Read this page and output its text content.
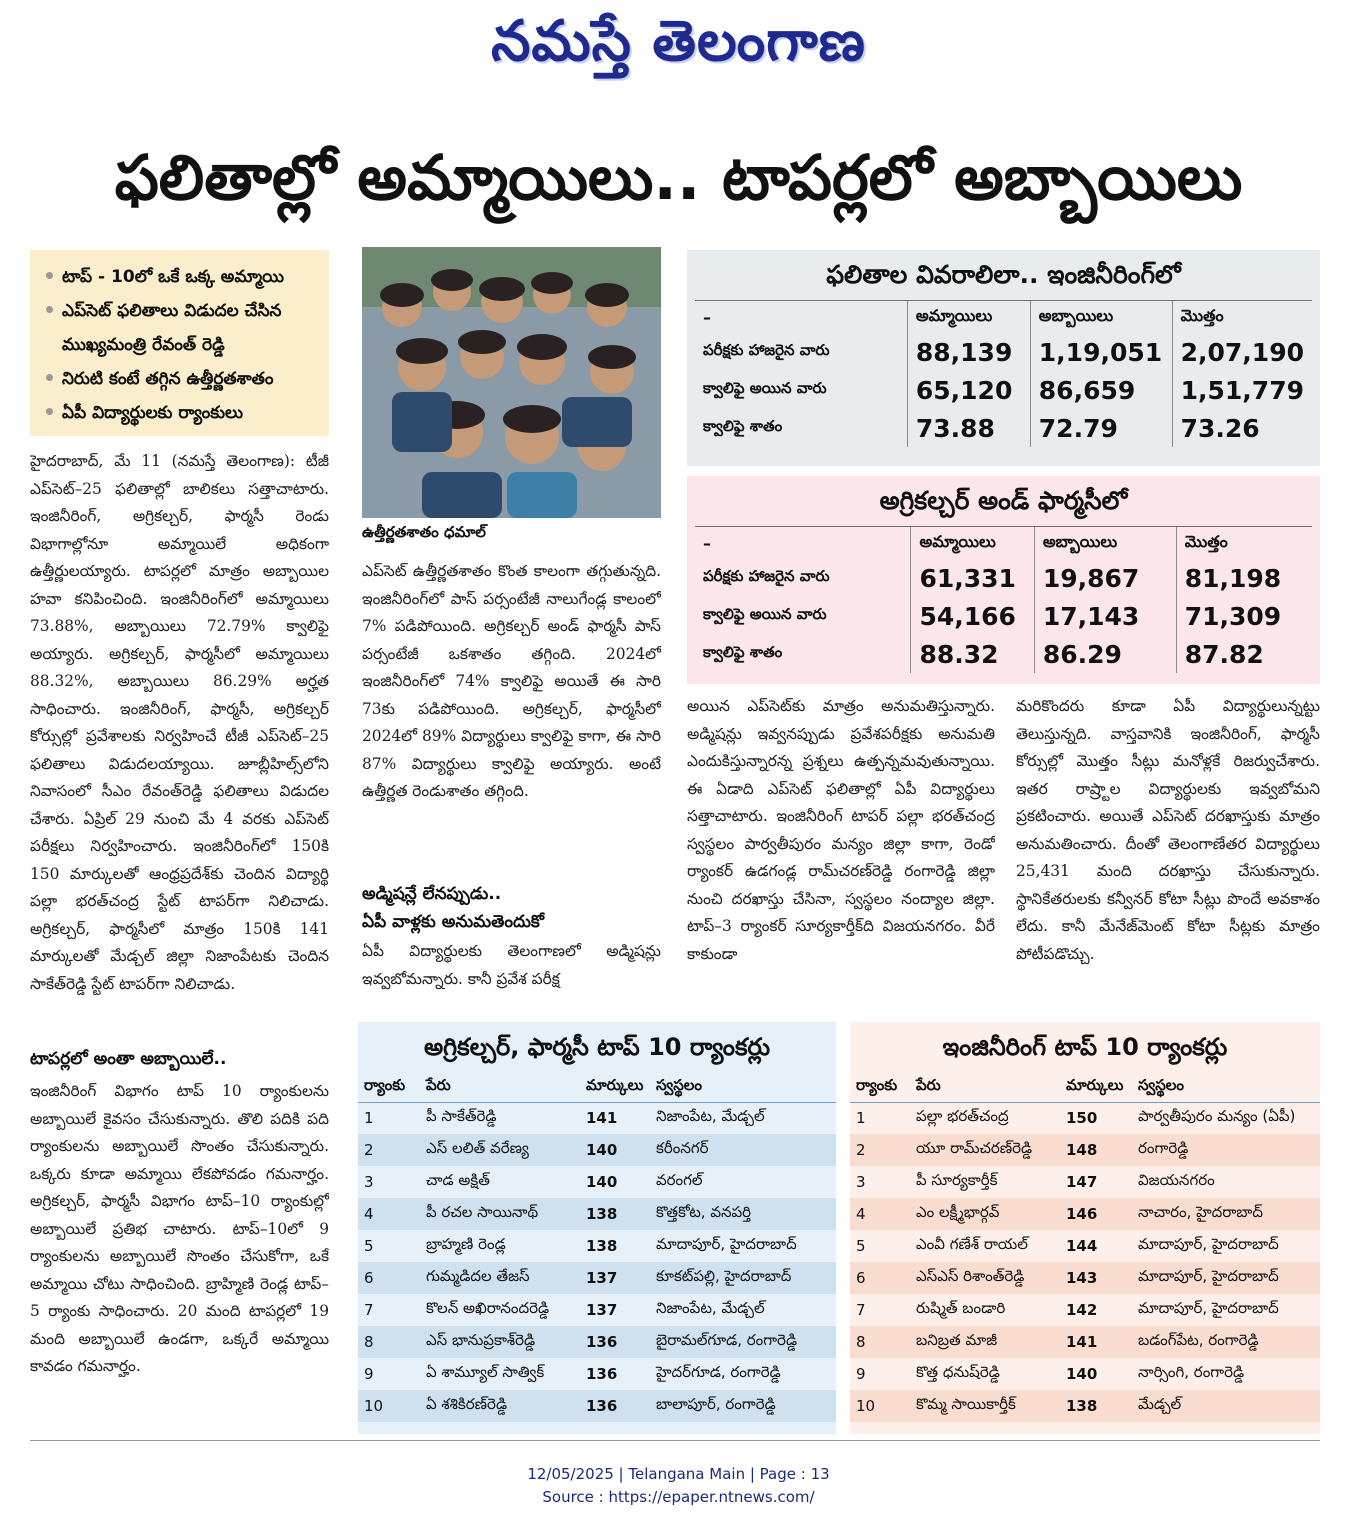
నమస్తే తెలంగాణ
ఫలితాల్లో అమ్మాయిలు.. టాపర్లలో అబ్బాయిలు
టాప్ - 10లో ఒకే ఒక్క అమ్మాయి
ఎప్‌సెట్ ఫలితాలు విడుదల చేసిన
ముఖ్యమంత్రి రేవంత్ రెడ్డి
నిరుటి కంటే తగ్గిన ఉత్తీర్ణతశాతం
ఏపీ విద్యార్థులకు ర్యాంకులు

హైదరాబాద్, మే 11 (నమస్తే తెలంగాణ): టీజీ ఎప్‌సెట్–25 ఫలితాల్లో బాలికలు సత్తాచాటారు. ఇంజినీరింగ్, అగ్రికల్చర్, ఫార్మసీ రెండు విభాగాల్లోనూ అమ్మాయిలే అధికంగా ఉత్తీర్ణులయ్యారు. టాపర్లలో మాత్రం అబ్బాయిల హవా కనిపించింది. ఇంజినీరింగ్‌లో అమ్మాయిలు 73.88%, అబ్బాయిలు 72.79% క్వాలిఫై అయ్యారు. అగ్రికల్చర్, ఫార్మసీలో అమ్మాయిలు 88.32%, అబ్బాయిలు 86.29% అర్హత సాధించారు. ఇంజినీరింగ్, ఫార్మసీ, అగ్రికల్చర్ కోర్సుల్లో ప్రవేశాలకు నిర్వహించే టీజీ ఎప్‌సెట్–25 ఫలితాలు విడుదలయ్యాయి. జూబ్లీహిల్స్‌లోని నివాసంలో సీఎం రేవంత్‌రెడ్డి ఫలితాలు విడుదల చేశారు. ఏప్రిల్ 29 నుంచి మే 4 వరకు ఎప్‌సెట్ పరీక్షలు నిర్వహించారు. ఇంజినీరింగ్‌లో 150కి 150 మార్కులతో ఆంధ్రప్రదేశ్‌కు చెందిన విద్యార్థి పల్లా భరత్‌చంద్ర స్టేట్ టాపర్‌గా నిలిచాడు. అగ్రికల్చర్, ఫార్మసీలో మాత్రం 150కి 141 మార్కులతో మేడ్చల్ జిల్లా నిజాంపేటకు చెందిన సాకేత్‌రెడ్డి స్టేట్ టాపర్‌గా నిలిచాడు.

టాపర్లలో అంతా అబ్బాయిలే..

ఇంజినీరింగ్ విభాగం టాప్ 10 ర్యాంకులను అబ్బాయిలే కైవసం చేసుకున్నారు. తొలి పదికి పది ర్యాంకులను అబ్బాయిలే సొంతం చేసుకున్నారు. ఒక్కరు కూడా అమ్మాయి లేకపోవడం గమనార్హం. అగ్రికల్చర్, ఫార్మసీ విభాగం టాప్–10 ర్యాంకుల్లో అబ్బాయిలే ప్రతిభ చాటారు. టాప్–10లో 9 ర్యాంకులను అబ్బాయిలే సొంతం చేసుకోగా, ఒకే అమ్మాయి చోటు సాధించింది. బ్రాహ్మిణి రెండ్ల టాప్–5 ర్యాంకు సాధించారు. 20 మంది టాపర్లలో 19 మంది అబ్బాయిలే ఉండగా, ఒక్కరే అమ్మాయి కావడం గమనార్హం.

ఉత్తీర్ణతశాతం ధమాల్

ఎప్‌సెట్ ఉత్తీర్ణతశాతం కొంత కాలంగా తగ్గుతున్నది. ఇంజినీరింగ్‌లో పాస్ పర్సంటేజీ నాలుగేండ్ల కాలంలో 7% పడిపోయింది. అగ్రికల్చర్ అండ్ ఫార్మసీ పాస్ పర్సంటేజీ ఒకశాతం తగ్గింది. 2024లో ఇంజినీరింగ్‌లో 74% క్వాలిఫై అయితే ఈ సారి 73కు పడిపోయింది. అగ్రికల్చర్, ఫార్మసీలో 2024లో 89% విద్యార్థులు క్వాలిఫై కాగా, ఈ సారి 87% విద్యార్థులు క్వాలిఫై అయ్యారు. అంటే ఉత్తీర్ణత రెండుశాతం తగ్గింది.

అడ్మిషన్లే లేనప్పుడు..
ఏపీ వాళ్లకు అనుమతెందుకో

ఏపీ విద్యార్థులకు తెలంగాణలో అడ్మిషన్లు ఇవ్వబోమన్నారు. కానీ ప్రవేశ పరీక్ష

ఫలితాల వివరాలిలా.. ఇంజినీరింగ్‌లో
–	అమ్మాయిలు	అబ్బాయిలు	మొత్తం
పరీక్షకు హాజరైన వారు	88,139	1,19,051	2,07,190
క్వాలిఫై అయిన వారు	65,120	86,659	1,51,779
క్వాలిఫై శాతం	73.88	72.79	73.26
అగ్రికల్చర్ అండ్ ఫార్మసీలో
–	అమ్మాయిలు	అబ్బాయిలు	మొత్తం
పరీక్షకు హాజరైన వారు	61,331	19,867	81,198
క్వాలిఫై అయిన వారు	54,166	17,143	71,309
క్వాలిఫై శాతం	88.32	86.29	87.82

అయిన ఎప్‌సెట్‌కు మాత్రం అనుమతిస్తున్నారు. అడ్మిషన్లు ఇవ్వనప్పుడు ప్రవేశపరీక్షకు అనుమతి ఎందుకిస్తున్నారన్న ప్రశ్నలు ఉత్పన్నమవుతున్నాయి. ఈ ఏడాది ఎప్‌సెట్ ఫలితాల్లో ఏపీ విద్యార్థులు సత్తాచాటారు. ఇంజినీరింగ్ టాపర్ పల్లా భరత్‌చంద్ర స్వస్థలం పార్వతీపురం మన్యం జిల్లా కాగా, రెండో ర్యాంకర్ ఉడగండ్ల రామ్‌చరణ్‌రెడ్డి రంగారెడ్డి జిల్లా నుంచి దరఖాస్తు చేసినా, స్వస్థలం నంద్యాల జిల్లా. టాప్–3 ర్యాంకర్ సూర్యకార్తీక్‌ది విజయనగరం. వీరే కాకుండా

మరికొందరు కూడా ఏపీ విద్యార్థులున్నట్టు తెలుస్తున్నది. వాస్తవానికి ఇంజినీరింగ్, ఫార్మసీ కోర్సుల్లో మొత్తం సీట్లు మనోళ్లకే రిజర్వుచేశారు. ఇతర రాష్ర్టాల విద్యార్థులకు ఇవ్వబోమని ప్రకటించారు. అయితే ఎప్‌సెట్ దరఖాస్తుకు మాత్రం అనుమతించారు. దీంతో తెలంగాణేతర విద్యార్థులు 25,431 మంది దరఖాస్తు చేసుకున్నారు. స్థానికేతరులకు కన్వీనర్ కోటా సీట్లు పొందే అవకాశం లేదు. కానీ మేనేజ్‌మెంట్ కోటా సీట్లకు మాత్రం పోటీపడొచ్చు.

అగ్రికల్చర్, ఫార్మసీ టాప్ 10 ర్యాంకర్లు
ర్యాంకు	పేరు	మార్కులు	స్వస్థలం
1	పీ సాకేత్‌రెడ్డి	141	నిజాంపేట, మేడ్చల్
2	ఎస్ లలిత్ వరేణ్య	140	కరీంనగర్
3	చాడ అక్షిత్	140	వరంగల్
4	పీ రచల సాయినాథ్	138	కొత్తకోట, వనపర్తి
5	బ్రాహ్మణి రెండ్ల	138	మాదాపూర్, హైదరాబాద్
6	గుమ్మడిదల తేజస్	137	కూకట్‌పల్లి, హైదరాబాద్
7	కొలన్ అఖిరానందరెడ్డి	137	నిజాంపేట, మేడ్చల్
8	ఎస్ భానుప్రకాశ్‌రెడ్డి	136	బైరామల్‌గూడ, రంగారెడ్డి
9	ఏ శామ్యూల్ సాత్విక్	136	హైదర్‌గూడ, రంగారెడ్డి
10	ఏ శశికిరణ్‌రెడ్డి	136	బాలాపూర్, రంగారెడ్డి
ఇంజినీరింగ్ టాప్ 10 ర్యాంకర్లు
ర్యాంకు	పేరు	మార్కులు	స్వస్థలం
1	పల్లా భరత్‌చంద్ర	150	పార్వతీపురం మన్యం (ఏపీ)
2	యూ రామ్‌చరణ్‌రెడ్డి	148	రంగారెడ్డి
3	పీ సూర్యకార్తీక్	147	విజయనగరం
4	ఎం లక్ష్మీభార్గవ్	146	నాచారం, హైదరాబాద్
5	ఎంవీ గణేశ్ రాయల్	144	మాదాపూర్, హైదరాబాద్
6	ఎస్ఎస్ రిశాంత్‌రెడ్డి	143	మాదాపూర్, హైదరాబాద్
7	రుష్మిత్ బండారి	142	మాదాపూర్, హైదరాబాద్
8	బనిబ్రత మాజీ	141	బడంగ్‌పేట, రంగారెడ్డి
9	కొత్త ధనుష్‌రెడ్డి	140	నార్సింగి, రంగారెడ్డి
10	కొమ్మ సాయికార్తీక్	138	మేడ్చల్
12/05/2025 | Telangana Main | Page : 13
Source : https://epaper.ntnews.com/
